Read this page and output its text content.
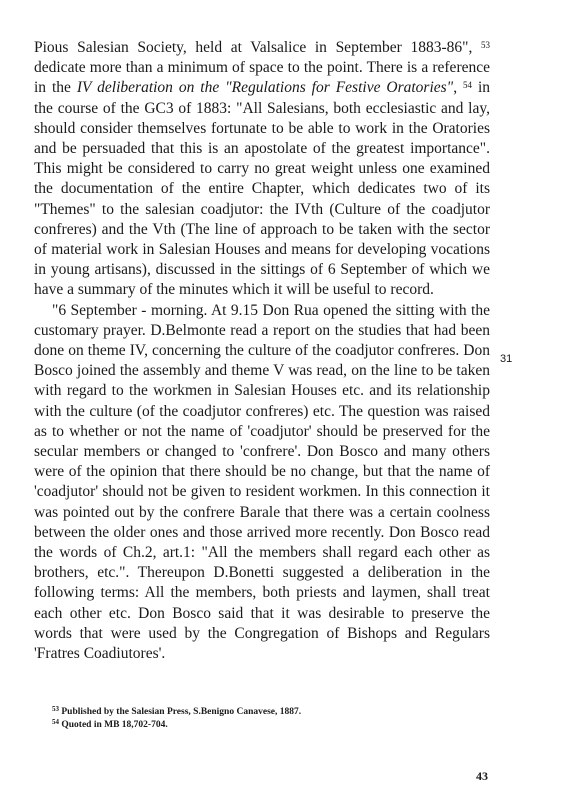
Pious Salesian Society, held at Valsalice in September 1883-86", $^{53}$ dedicate more than a minimum of space to the point. There is a reference in the IV deliberation on the "Regulations for Festive Oratories", $^{54}$ in the course of the GC3 of 1883: "All Salesians, both ecclesiastic and lay, should consider themselves fortunate to be able to work in the Oratories and be persuaded that this is an apostolate of the greatest importance". This might be considered to carry no great weight unless one examined the documentation of the entire Chapter, which dedicates two of its "Themes" to the salesian coadjutor: the IVth (Culture of the coadjutor confreres) and the Vth (The line of approach to be taken with the sector of material work in Salesian Houses and means for developing vocations in young artisans), discussed in the sittings of 6 September of which we have a summary of the minutes which it will be useful to record.

"6 September - morning. At 9.15 Don Rua opened the sitting with the customary prayer. D.Belmonte read a report on the studies that had been done on theme IV, concerning the culture of the coadjutor confreres. Don Bosco joined the assembly and theme V was read, on the line to be taken with regard to the workmen in Salesian Houses etc. and its relationship with the culture (of the coadjutor confreres) etc. The question was raised as to whether or not the name of 'coadjutor' should be preserved for the secular members or changed to 'confrere'. Don Bosco and many others were of the opinion that there should be no change, but that the name of 'coadjutor' should not be given to resident workmen. In this connection it was pointed out by the confrere Barale that there was a certain coolness between the older ones and those arrived more recently. Don Bosco read the words of Ch.2, art.1: "All the members shall regard each other as brothers, etc.". Thereupon D.Bonetti suggested a deliberation in the following terms: All the members, both priests and laymen, shall treat each other etc. Don Bosco said that it was desirable to preserve the words that were used by the Congregation of Bishops and Regulars 'Fratres Coadiutores'.

31
$^{53}$ Published by the Salesian Press, S.Benigno Canavese, 1887.
$^{54}$ Quoted in MB 18,702-704.
43
